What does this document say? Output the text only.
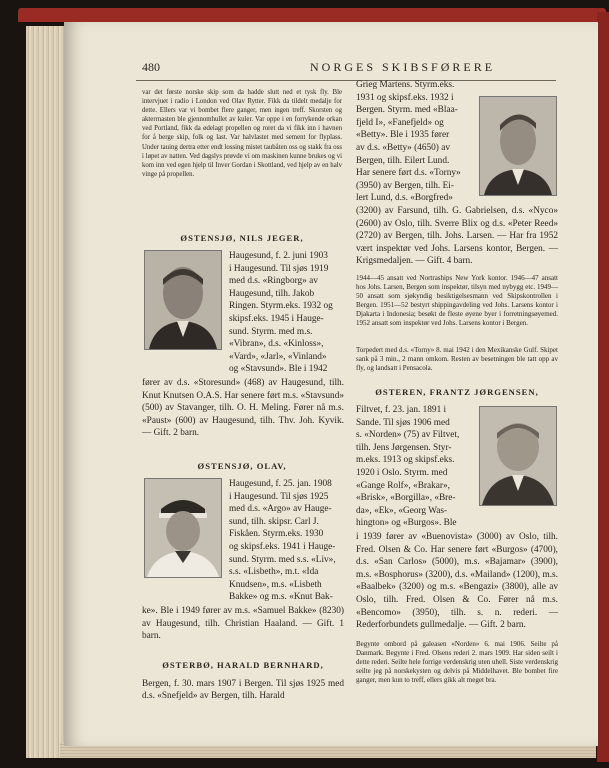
480	NORGES SKIBSFØRERE
var det første norske skip som da hadde slutt ned et tysk fly. Ble intervjuet i radio i London ved Olav Rytter. Fikk da tildelt medalje for dette. Ellers var vi bombet flere ganger, men ingen treff. Skorsten og akterrnasten ble gjennomhullet av kuler. Var oppe i en forrykende orkan ved Portland, fikk da ødelagt propellen og roret da vi fikk inn i havnen for å berge skip, folk og last. Var halvlastet med sement for flyplass. Under tauing dertra etter endt lossing mistet taubåten oss og stakk fra oss i løpet av natten. Ved dagslys prøvde vi om maskinen kunne brukes og vi kom inn ved egen hjelp til Inver Gordan i Skottland, ved hjelp av en halv vinge på propellen.

ØSTENSJØ, NILS JEGER,

Haugesund, f. 2. juni 1903

i Haugesund. Til sjøs 1919

med d.s. «Ringborg» av

Haugesund, tilh. Jakob

Ringen. Styrm.eks. 1932 og

skipsf.eks. 1945 i Hauge-

sund. Styrm. med m.s.

«Vibran», d.s. «Kinloss»,

«Vard», «Jarl», «Vinland»

og «Stavsund». Ble i 1942

fører av d.s. «Storesund» (468) av Haugesund, tilh. Knut Knutsen O.A.S. Har senere ført m.s. «Stavsund» (500) av Stavanger, tilh. O. H. Meling. Fører nå m.s. «Paust» (600) av Haugesund, tilh. Thv. Joh. Kyvik. — Gift. 2 barn.

ØSTENSJØ, OLAV,

Haugesund, f. 25. jan. 1908

i Haugesund. Til sjøs 1925

med d.s. «Argo» av Hauge-

sund, tilh. skipsr. Carl J.

Fiskåen. Styrm.eks. 1930

og skipsf.eks. 1941 i Hauge-

sund. Styrm. med s.s. «Liv»,

s.s. «Lisbeth», m.t. «Ida

Knudsen», m.s. «Lisbeth

Bakke» og m.s. «Knut Bak-

ke». Ble i 1949 fører av m.s. «Samuel Bakke» (8230) av Haugesund, tilh. Christian Haaland. — Gift. 1 barn.

ØSTERBØ, HARALD BERNHARD,

Bergen, f. 30. mars 1907 i Bergen. Til sjøs 1925 med d.s. «Snefjeld» av Bergen, tilh. Harald

Grieg Martens. Styrm.eks.

1931 og skipsf.eks. 1932 i

Bergen. Styrm. med «Blaa-

fjeld I», «Fanefjeld» og

«Betty». Ble i 1935 fører

av d.s. «Betty» (4650) av

Bergen, tilh. Eilert Lund.

Har senere ført d.s. «Torny»

(3950) av Bergen, tilh. Ei-

lert Lund, d.s. «Borgfred»

(3200) av Farsund, tilh. G. Gabrielsen, d.s. «Nyco» (2600) av Oslo, tilh. Sverre Blix og d.s. «Peter Reed» (2720) av Bergen, tilh. Johs. Larsen. — Har fra 1952 vært inspektør ved Johs. Larsens kontor, Bergen. — Krigsmedaljen. — Gift. 4 barn.
1944—45 ansatt ved Nortraships New York kontor. 1946—47 ansatt hos Johs. Larsen, Bergen som inspektør, tilsyn med nybygg etc. 1949—50 ansatt som sjøkyndig besiktigelsesmann ved Skipskontrollen i Bergen. 1951—52 bestyrt shippingavdeling ved Johs. Larsens kontor i Djakarta i Indonesia; besøkt de fleste øyene byer i forretningsøyemed. 1952 ansatt som inspektør ved Johs. Larsens kontor i Bergen.
Torpedert med d.s. «Torny» 8. mai 1942 i den Mexikanske Gulf. Skipet sank på 3 min., 2 mann omkom. Resten av besetningen ble tatt opp av fly, og landsatt i Pensacola.

ØSTEREN, FRANTZ JØRGENSEN,

Filtvet, f. 23. jan. 1891 i

Sande. Til sjøs 1906 med

s. «Norden» (75) av Filtvet,

tilh. Jens Jørgensen. Styr-

m.eks. 1913 og skipsf.eks.

1920 i Oslo. Styrm. med

«Gange Rolf», «Brakar»,

«Brisk», «Borgilla», «Bre-

da», «Ek», «Georg Was-

hington» og «Burgos». Ble

i 1939 fører av «Buenovista» (3000) av Oslo, tilh. Fred. Olsen & Co. Har senere ført «Burgos» (4700), d.s. «San Carlos» (5000), m.s. «Bajamar» (3900), m.s. «Bosphorus» (3200), d.s. «Mailand» (1200), m.s. «Baalbek» (3200) og m.s. «Bengazi» (3800), alle av Oslo, tilh. Fred. Olsen & Co. Fører nå m.s. «Bencomo» (3950), tilh. s. n. rederi. — Rederforbundets gullmedalje. — Gift. 2 barn.
Begynte ombord på galeasen «Norden» 6. mai 1906. Seilte på Danmark. Begynte i Fred. Olsens rederi 2. mars 1909. Har siden seilt i dette rederi. Seilte hele forrige verdenskrig uten uhell. Siste verdenskrig seilte jeg på norskekysten og delvis på Middelhavet. Ble bombet fire ganger, men kun to treff, ellers gikk alt meget bra.
